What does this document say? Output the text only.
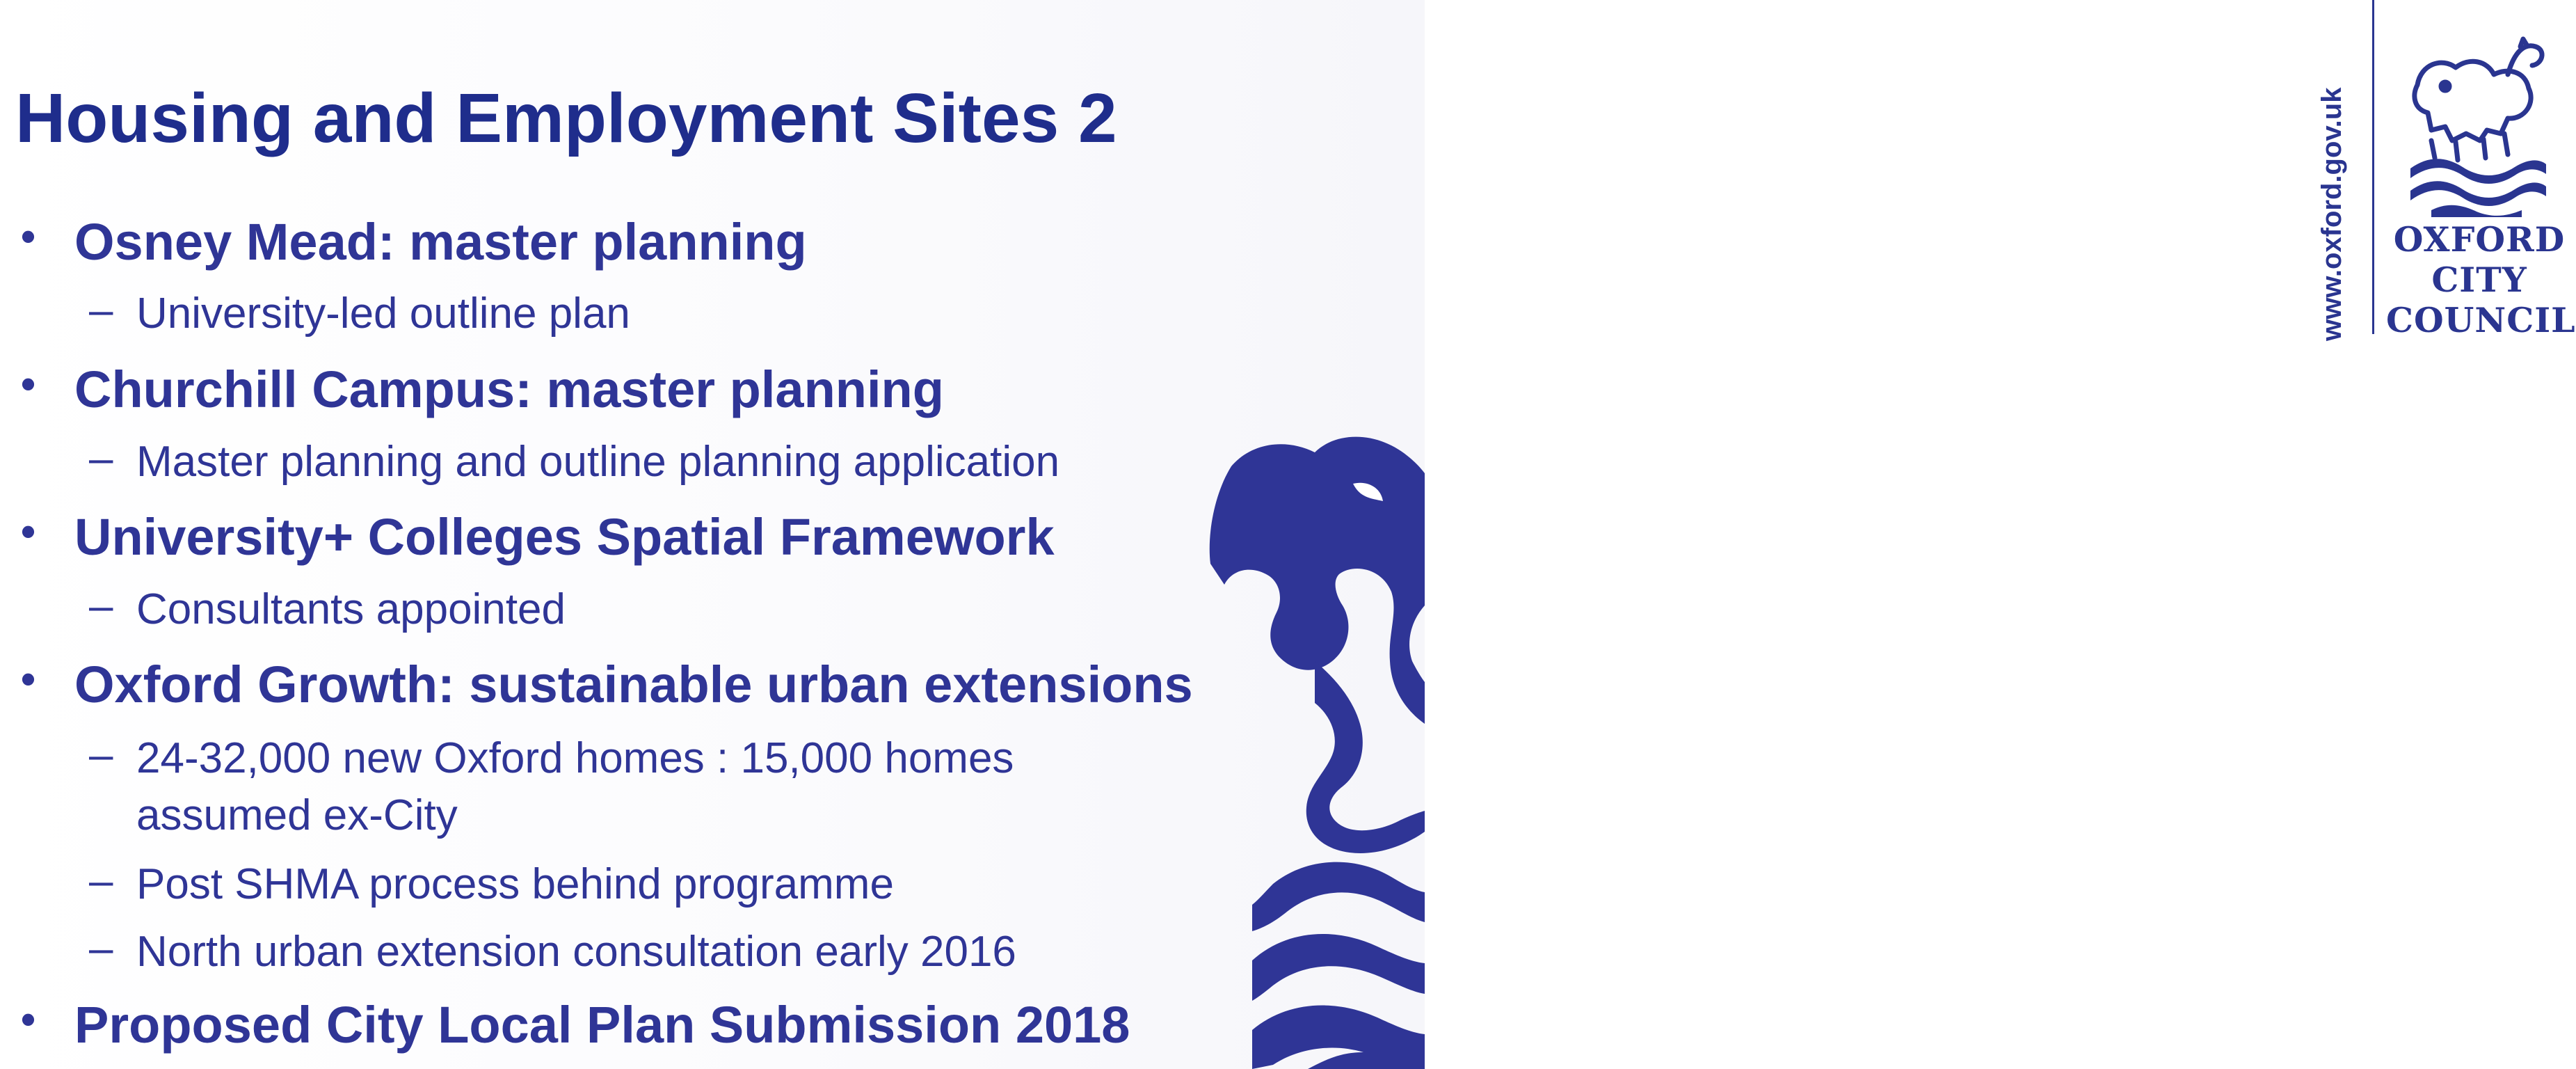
Housing and Employment Sites 2	www.oxford.gov.uk OXFORD
CITY
COUNCIL
• Osney Mead: master planning
– University-led outline plan
• Churchill Campus: master planning
– Master planning and outline planning application
• University+ Colleges Spatial Framework
– Consultants appointed
• Oxford Growth: sustainable urban extensions
– 24-32,000 new Oxford homes : 15,000 homes
assumed ex-City
– Post SHMA process behind programme
– North urban extension consultation early 2016
• Proposed City Local Plan Submission 2018
